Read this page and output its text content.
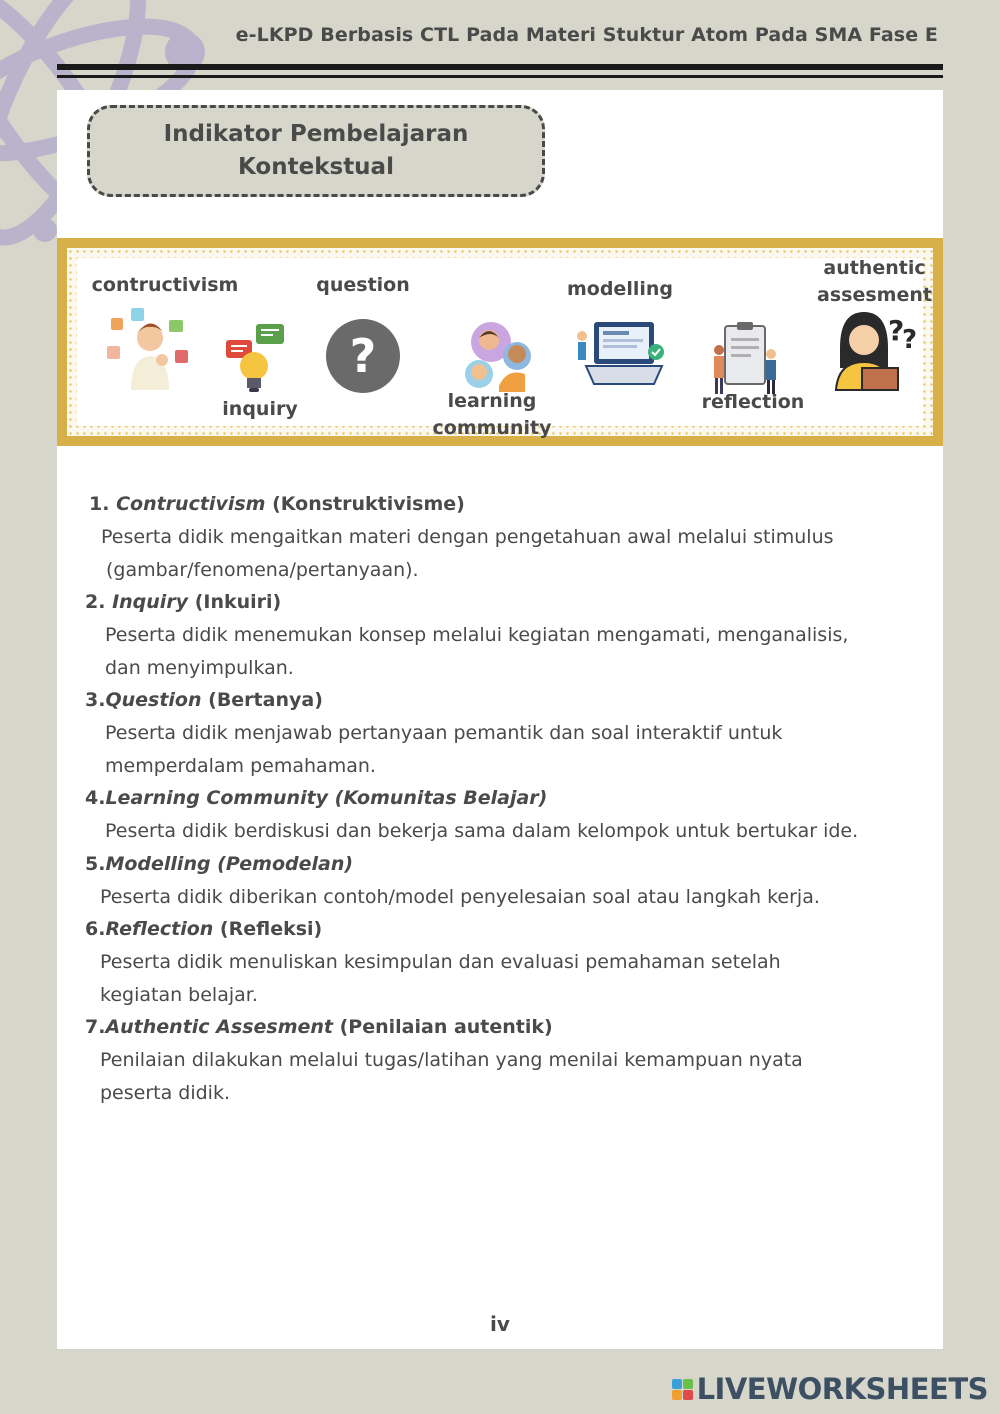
e-LKPD Berbasis CTL Pada Materi Stuktur Atom Pada SMA Fase E
Indikator Pembelajaran
Kontekstual
contructivism
inquiry
question
?
learning
community
modelling
reflection
authentic
assesment
?
?
1. Contructivism (Konstruktivisme)
Peserta didik mengaitkan materi dengan pengetahuan awal melalui stimulus
(gambar/fenomena/pertanyaan).
2. Inquiry (Inkuiri)
Peserta didik menemukan konsep melalui kegiatan mengamati, menganalisis,
dan menyimpulkan.
3.Question (Bertanya)
Peserta didik menjawab pertanyaan pemantik dan soal interaktif untuk
memperdalam pemahaman.
4.Learning Community (Komunitas Belajar)
Peserta didik berdiskusi dan bekerja sama dalam kelompok untuk bertukar ide.
5.Modelling (Pemodelan)
Peserta didik diberikan contoh/model penyelesaian soal atau langkah kerja.
6.Reflection (Refleksi)
Peserta didik menuliskan kesimpulan dan evaluasi pemahaman setelah
kegiatan belajar.
7.Authentic Assesment (Penilaian autentik)
Penilaian dilakukan melalui tugas/latihan yang menilai kemampuan nyata
peserta didik.
iv
LIVEWORKSHEETS
